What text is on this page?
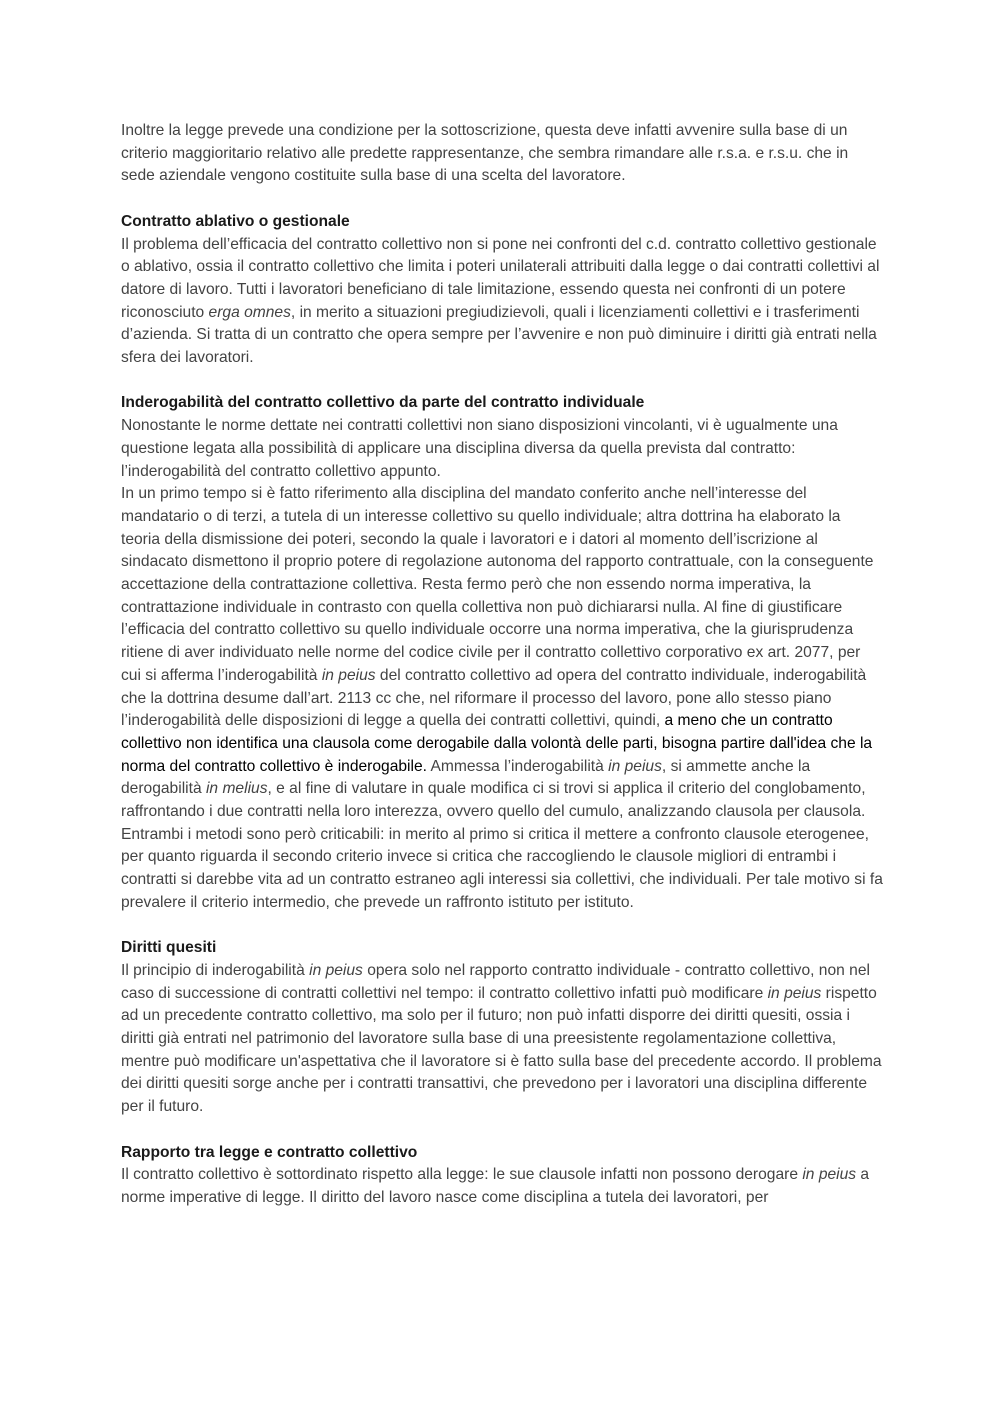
Inoltre la legge prevede una condizione per la sottoscrizione, questa deve infatti avvenire sulla base di un criterio maggioritario relativo alle predette rappresentanze, che sembra rimandare alle r.s.a. e r.s.u. che in sede aziendale vengono costituite sulla base di una scelta del lavoratore.

Contratto ablativo o gestionale

Il problema dell’efficacia del contratto collettivo non si pone nei confronti del c.d. contratto collettivo gestionale o ablativo, ossia il contratto collettivo che limita i poteri unilaterali attribuiti dalla legge o dai contratti collettivi al datore di lavoro. Tutti i lavoratori beneficiano di tale limitazione, essendo questa nei confronti di un potere riconosciuto erga omnes, in merito a situazioni pregiudizievoli, quali i licenziamenti collettivi e i trasferimenti d’azienda. Si tratta di un contratto che opera sempre per l’avvenire e non può diminuire i diritti già entrati nella sfera dei lavoratori.

Inderogabilità del contratto collettivo da parte del contratto individuale

Nonostante le norme dettate nei contratti collettivi non siano disposizioni vincolanti, vi è ugualmente una questione legata alla possibilità di applicare una disciplina diversa da quella prevista dal contratto: l’inderogabilità del contratto collettivo appunto.

In un primo tempo si è fatto riferimento alla disciplina del mandato conferito anche nell’interesse del mandatario o di terzi, a tutela di un interesse collettivo su quello individuale; altra dottrina ha elaborato la teoria della dismissione dei poteri, secondo la quale i lavoratori e i datori al momento dell’iscrizione al sindacato dismettono il proprio potere di regolazione autonoma del rapporto contrattuale, con la conseguente accettazione della contrattazione collettiva. Resta fermo però che non essendo norma imperativa, la contrattazione individuale in contrasto con quella collettiva non può dichiararsi nulla. Al fine di giustificare l’efficacia del contratto collettivo su quello individuale occorre una norma imperativa, che la giurisprudenza ritiene di aver individuato nelle norme del codice civile per il contratto collettivo corporativo ex art. 2077, per cui si afferma l’inderogabilità in peius del contratto collettivo ad opera del contratto individuale, inderogabilità che la dottrina desume dall’art. 2113 cc che, nel riformare il processo del lavoro, pone allo stesso piano l’inderogabilità delle disposizioni di legge a quella dei contratti collettivi, quindi, a meno che un contratto collettivo non identifica una clausola come derogabile dalla volontà delle parti, bisogna partire dall'idea che la norma del contratto collettivo è inderogabile. Ammessa l’inderogabilità in peius, si ammette anche la derogabilità in melius, e al fine di valutare in quale modifica ci si trovi si applica il criterio del conglobamento, raffrontando i due contratti nella loro interezza, ovvero quello del cumulo, analizzando clausola per clausola. Entrambi i metodi sono però criticabili: in merito al primo si critica il mettere a confronto clausole eterogenee, per quanto riguarda il secondo criterio invece si critica che raccogliendo le clausole migliori di entrambi i contratti si darebbe vita ad un contratto estraneo agli interessi sia collettivi, che individuali. Per tale motivo si fa prevalere il criterio intermedio, che prevede un raffronto istituto per istituto.

Diritti quesiti

Il principio di inderogabilità in peius opera solo nel rapporto contratto individuale - contratto collettivo, non nel caso di successione di contratti collettivi nel tempo: il contratto collettivo infatti può modificare in peius rispetto ad un precedente contratto collettivo, ma solo per il futuro; non può infatti disporre dei diritti quesiti, ossia i diritti già entrati nel patrimonio del lavoratore sulla base di una preesistente regolamentazione collettiva, mentre può modificare un'aspettativa che il lavoratore si è fatto sulla base del precedente accordo. Il problema dei diritti quesiti sorge anche per i contratti transattivi, che prevedono per i lavoratori una disciplina differente per il futuro.

Rapporto tra legge e contratto collettivo

Il contratto collettivo è sottordinato rispetto alla legge: le sue clausole infatti non possono derogare in peius a norme imperative di legge. Il diritto del lavoro nasce come disciplina a tutela dei lavoratori, per
